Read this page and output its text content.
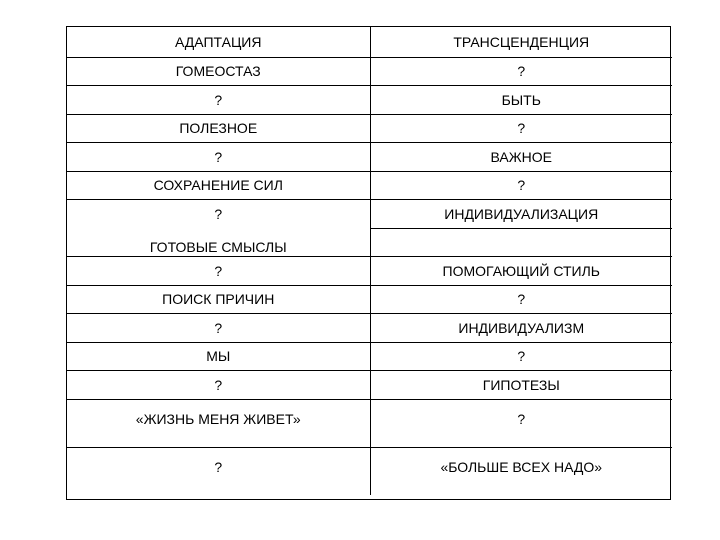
АДАПТАЦИЯ	ТРАНСЦЕНДЕНЦИЯ
ГОМЕОСТАЗ	?
?	БЫТЬ
ПОЛЕЗНОЕ	?
?	ВАЖНОЕ
СОХРАНЕНИЕ СИЛ	?
?	ИНДИВИДУАЛИЗАЦИЯ
ГОТОВЫЕ СМЫСЛЫ	
?	ПОМОГАЮЩИЙ СТИЛЬ
ПОИСК ПРИЧИН	?
?	ИНДИВИДУАЛИЗМ
МЫ	?
?	ГИПОТЕЗЫ
«ЖИЗНЬ МЕНЯ ЖИВЕТ»	?
?	«БОЛЬШЕ ВСЕХ НАДО»
